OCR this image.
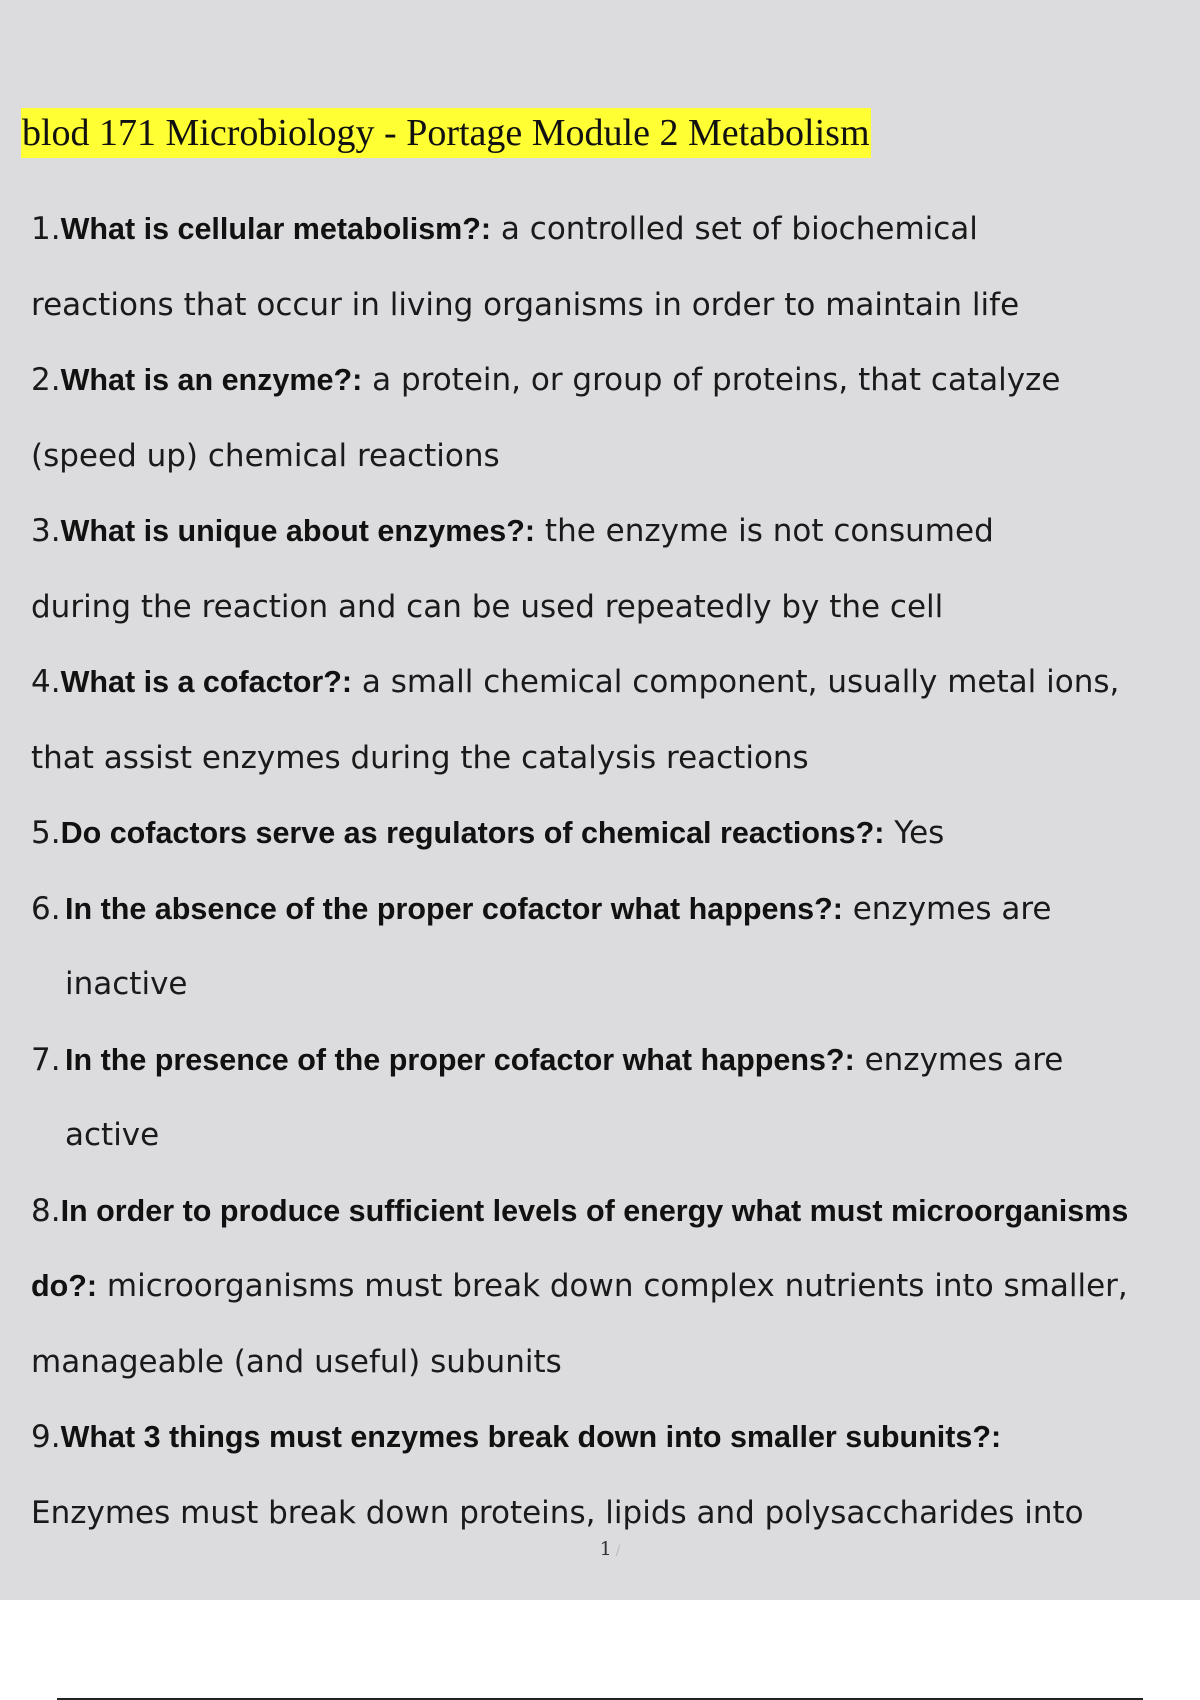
blod 171 Microbiology - Portage Module 2 Metabolism
1.What is cellular metabolism?: a controlled set of biochemical
reactions that occur in living organisms in order to maintain life
2.What is an enzyme?: a protein, or group of proteins, that catalyze
(speed up) chemical reactions
3.What is unique about enzymes?: the enzyme is not consumed
during the reaction and can be used repeatedly by the cell
4.What is a cofactor?: a small chemical component, usually metal ions,
that assist enzymes during the catalysis reactions
5.Do cofactors serve as regulators of chemical reactions?: Yes
6. In the absence of the proper cofactor what happens?: enzymes are
inactive
7. In the presence of the proper cofactor what happens?: enzymes are
active
8.In order to produce sufficient levels of energy what must microorganisms
do?: microorganisms must break down complex nutrients into smaller,
manageable (and useful) subunits
9.What 3 things must enzymes break down into smaller subunits?:
Enzymes must break down proteins, lipids and polysaccharides into
1 /
